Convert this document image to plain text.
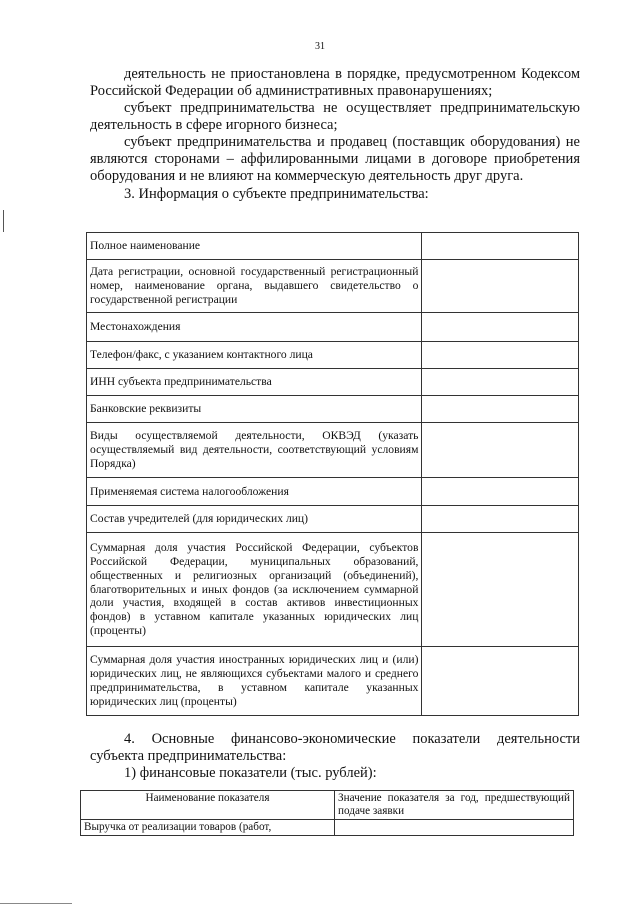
31

деятельность не приостановлена в порядке, предусмотренном Кодексом Российской Федерации об административных правонарушениях;

субъект предпринимательства не осуществляет предпринимательскую деятельность в сфере игорного бизнеса;

субъект предпринимательства и продавец (поставщик оборудования) не являются сторонами – аффилированными лицами в договоре приобретения оборудования и не влияют на коммерческую деятельность друг друга.

3. Информация о субъекте предпринимательства:

Полное наименование	

Дата регистрации, основной государственный регистрационный номер, наименование органа, выдавшего свидетельство о государственной регистрации	

Местонахождения	

Телефон/факс, с указанием контактного лица	

ИНН субъекта предпринимательства	

Банковские реквизиты	

Виды осуществляемой деятельности, ОКВЭД (указать осуществляемый вид деятельности, соответствующий условиям Порядка)	

Применяемая система налогообложения	

Состав учредителей (для юридических лиц)	

Суммарная доля участия Российской Федерации, субъектов Российской Федерации, муниципальных образований, общественных и религиозных организаций (объединений), благотворительных и иных фондов (за исключением суммарной доли участия, входящей в состав активов инвестиционных фондов) в уставном капитале указанных юридических лиц (проценты)	

Суммарная доля участия иностранных юридических лиц и (или) юридических лиц, не являющихся субъектами малого и среднего предпринимательства, в уставном капитале указанных юридических лиц (проценты)	

4. Основные финансово-экономические показатели деятельности субъекта предпринимательства:

1) финансовые показатели (тыс. рублей):

Наименование показателя	Значение показателя за год, предшествующий подаче заявки
Выручка от реализации товаров (работ,	
